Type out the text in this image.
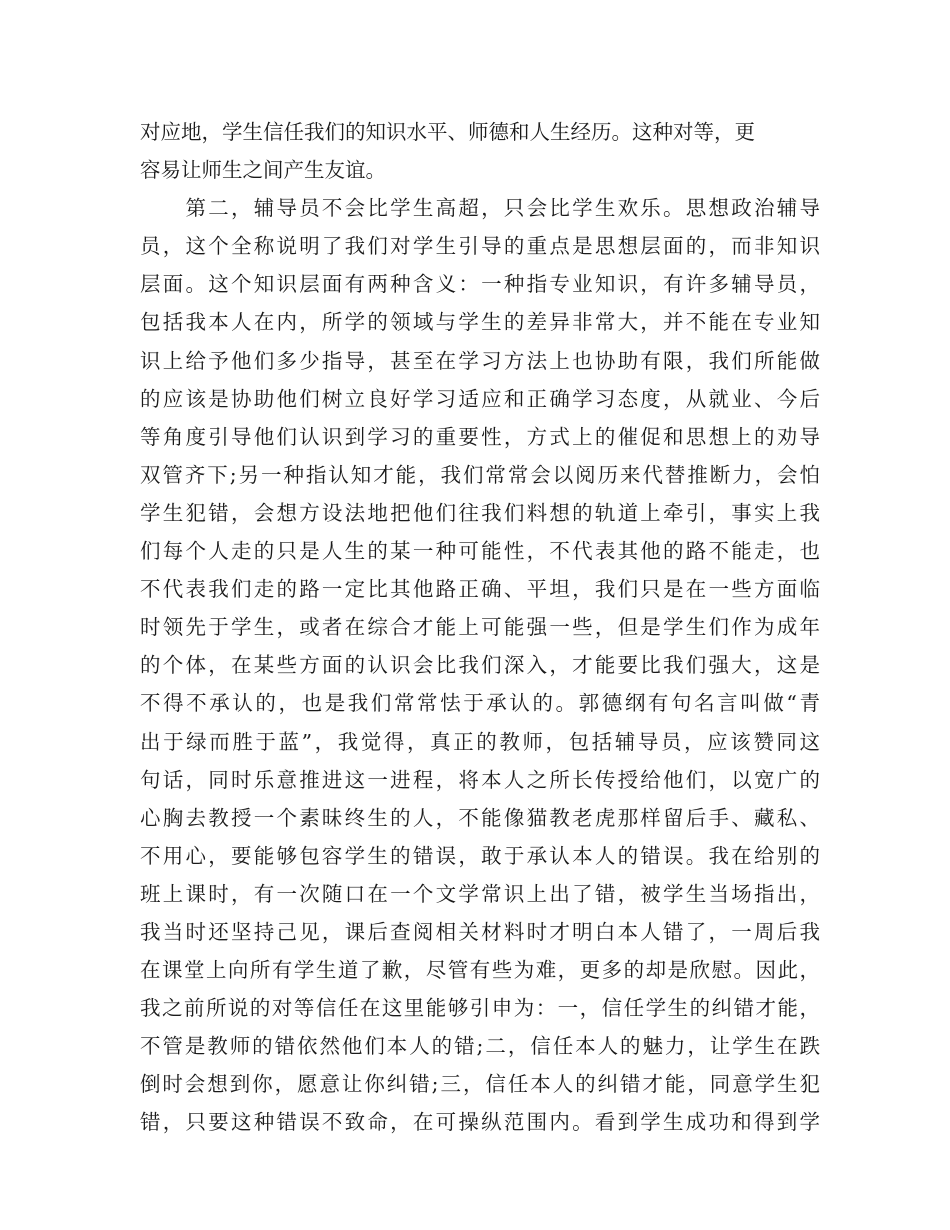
对应地，学生信任我们的知识水平、师德和人生经历。这种对等，更
容易让师生之间产生友谊。
　　第二，辅导员不会比学生高超，只会比学生欢乐。思想政治辅导
员，这个全称说明了我们对学生引导的重点是思想层面的，而非知识
层面。这个知识层面有两种含义：一种指专业知识，有许多辅导员，
包括我本人在内，所学的领域与学生的差异非常大，并不能在专业知
识上给予他们多少指导，甚至在学习方法上也协助有限，我们所能做
的应该是协助他们树立良好学习适应和正确学习态度，从就业、今后
等角度引导他们认识到学习的重要性，方式上的催促和思想上的劝导
双管齐下;另一种指认知才能，我们常常会以阅历来代替推断力，会怕
学生犯错，会想方设法地把他们往我们料想的轨道上牵引，事实上我
们每个人走的只是人生的某一种可能性，不代表其他的路不能走，也
不代表我们走的路一定比其他路正确、平坦，我们只是在一些方面临
时领先于学生，或者在综合才能上可能强一些，但是学生们作为成年
的个体，在某些方面的认识会比我们深入，才能要比我们强大，这是
不得不承认的，也是我们常常怯于承认的。郭德纲有句名言叫做“青
出于绿而胜于蓝”，我觉得，真正的教师，包括辅导员，应该赞同这
句话，同时乐意推进这一进程，将本人之所长传授给他们，以宽广的
心胸去教授一个素昧终生的人，不能像猫教老虎那样留后手、藏私、
不用心，要能够包容学生的错误，敢于承认本人的错误。我在给别的
班上课时，有一次随口在一个文学常识上出了错，被学生当场指出，
我当时还坚持己见，课后查阅相关材料时才明白本人错了，一周后我
在课堂上向所有学生道了歉，尽管有些为难，更多的却是欣慰。因此，
我之前所说的对等信任在这里能够引申为：一，信任学生的纠错才能，
不管是教师的错依然他们本人的错;二，信任本人的魅力，让学生在跌
倒时会想到你，愿意让你纠错;三，信任本人的纠错才能，同意学生犯
错，只要这种错误不致命，在可操纵范围内。看到学生成功和得到学
